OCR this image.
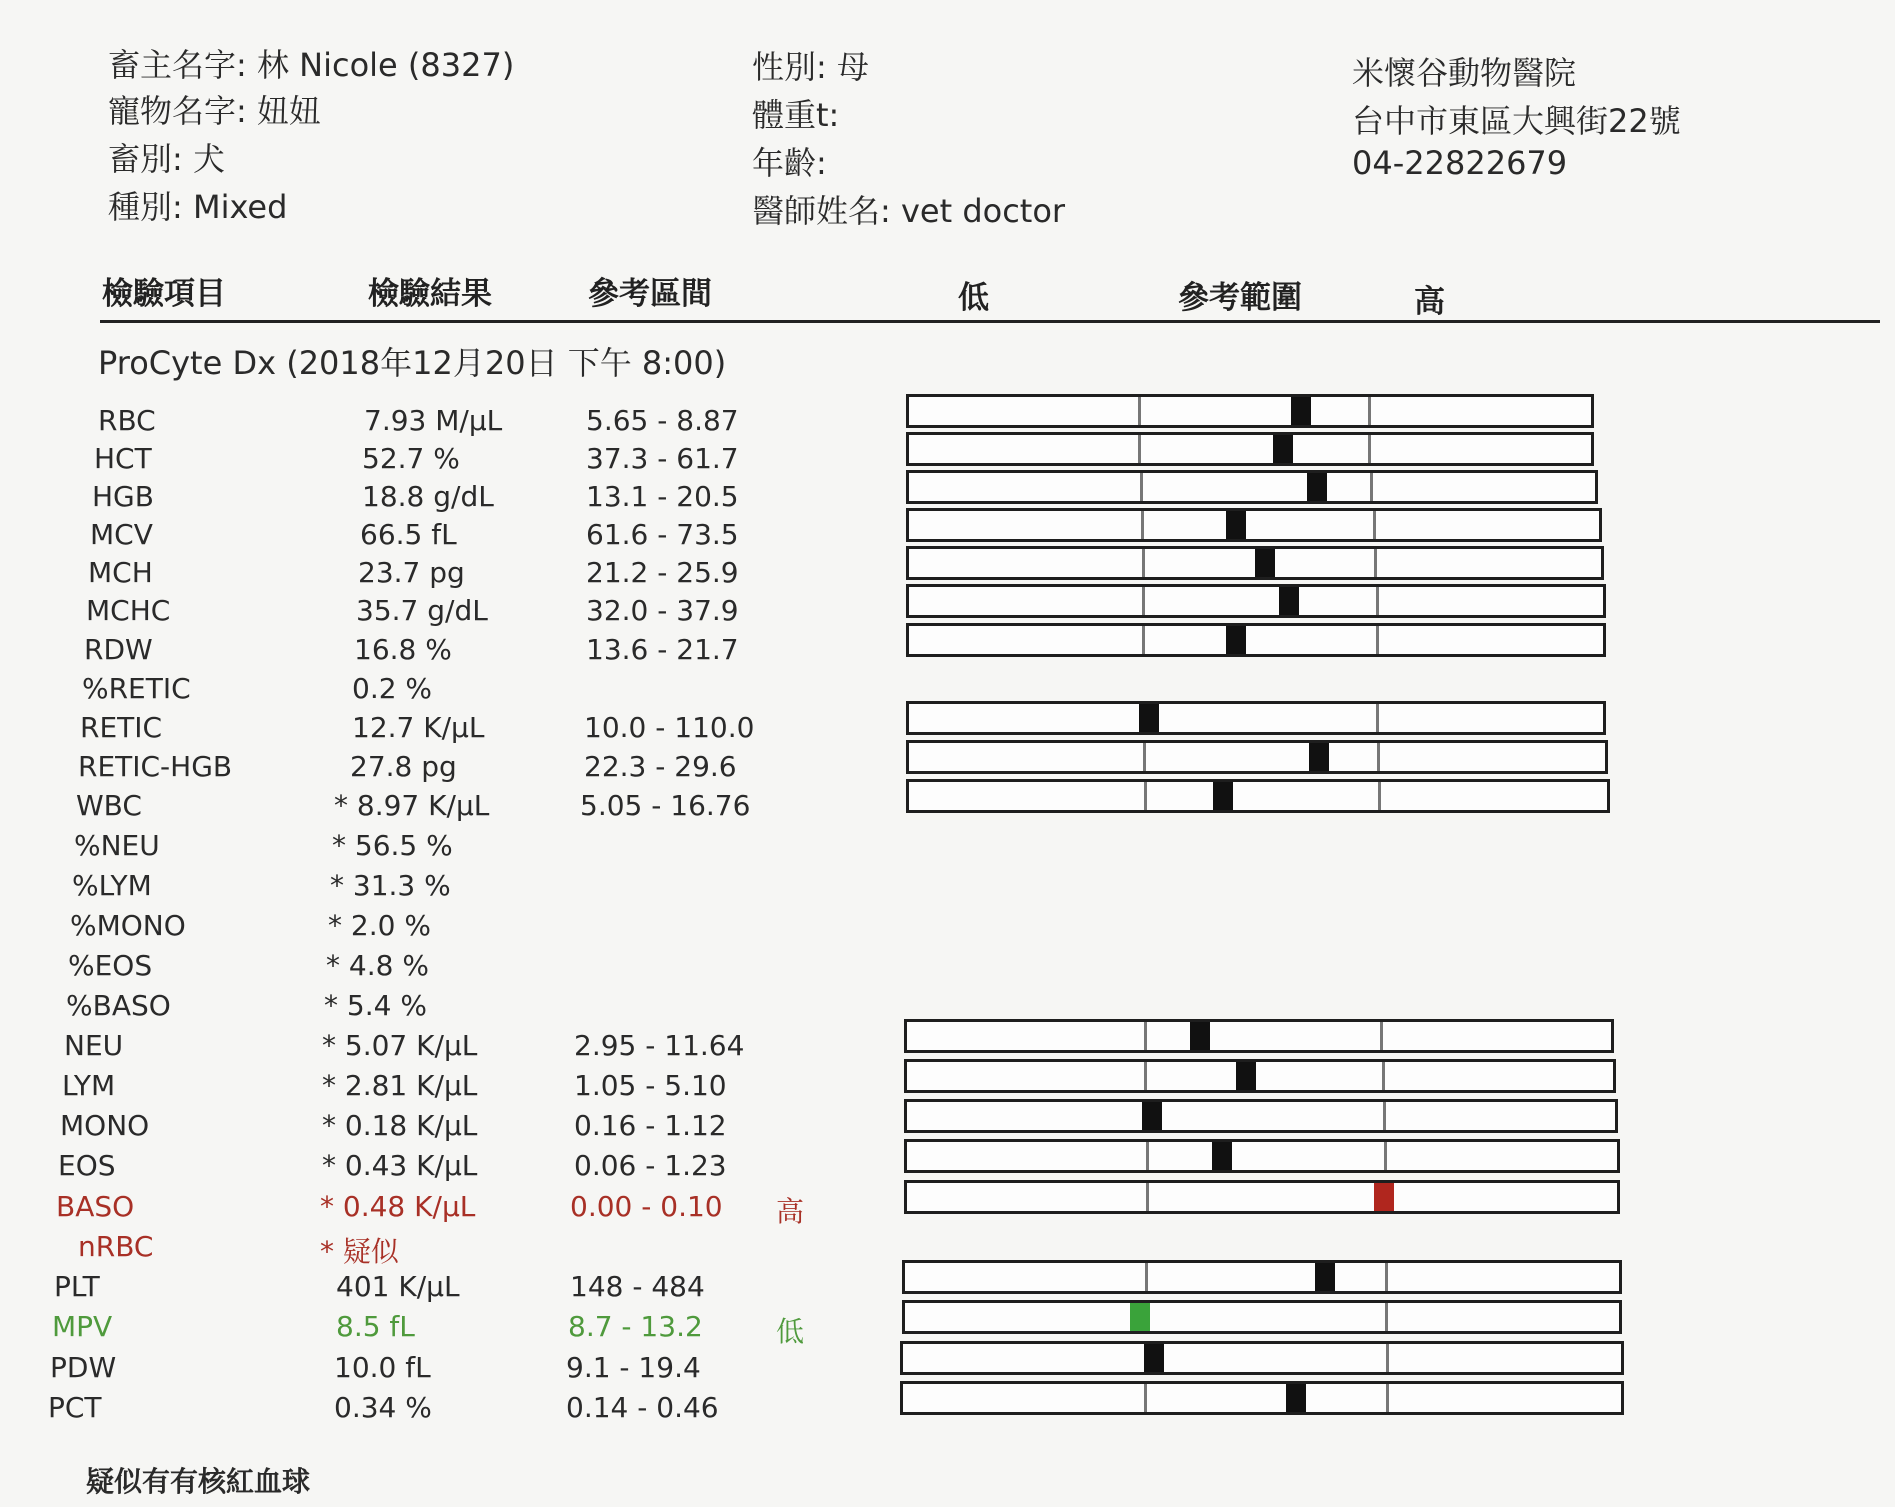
畜主名字: 林 Nicole (8327)
寵物名字: 妞妞
畜別: 犬
種別: Mixed
性別: 母
體重t:
年齡:
醫師姓名: vet doctor
米懷谷動物醫院
台中市東區大興街22號
04-22822679
檢驗項目	檢驗結果	參考區間	低	參考範圍	高
ProCyte Dx (2018年12月20日 下午 8:00)
RBC	7.93 M/µL	5.65 - 8.87
HCT	52.7 %	37.3 - 61.7
HGB	18.8 g/dL	13.1 - 20.5
MCV	66.5 fL	61.6 - 73.5
MCH	23.7 pg	21.2 - 25.9
MCHC	35.7 g/dL	32.0 - 37.9
RDW	16.8 %	13.6 - 21.7
%RETIC	0.2 %
RETIC	12.7 K/µL	10.0 - 110.0
RETIC-HGB	27.8 pg	22.3 - 29.6
WBC	* 8.97 K/µL	5.05 - 16.76
%NEU	* 56.5 %
%LYM	* 31.3 %
%MONO	* 2.0 %
%EOS	* 4.8 %
%BASO	* 5.4 %
NEU	* 5.07 K/µL	2.95 - 11.64
LYM	* 2.81 K/µL	1.05 - 5.10
MONO	* 0.18 K/µL	0.16 - 1.12
EOS	* 0.43 K/µL	0.06 - 1.23
BASO	* 0.48 K/µL	0.00 - 0.10 高
nRBC	* 疑似
PLT	401 K/µL	148 - 484
MPV	8.5 fL	8.7 - 13.2	低
PDW	10.0 fL	9.1 - 19.4
PCT	0.34 %	0.14 - 0.46
疑似有有核紅血球
